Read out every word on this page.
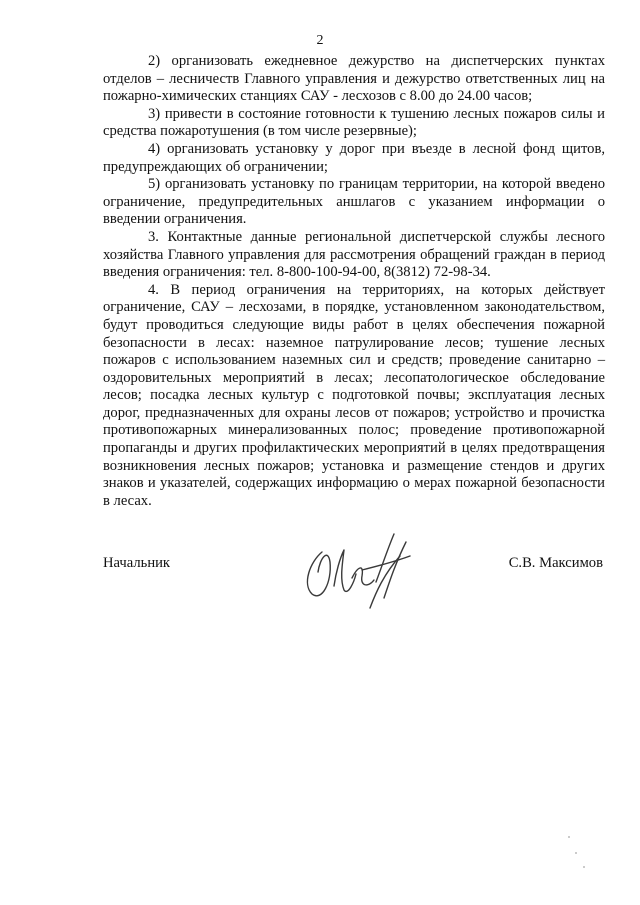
2

2) организовать ежедневное дежурство на диспетчерских пунктах отделов – лесничеств Главного управления и дежурство ответственных лиц на пожарно-химических станциях САУ - лесхозов с 8.00 до 24.00 часов;

3) привести в состояние готовности к тушению лесных пожаров силы и средства пожаротушения (в том числе резервные);

4) организовать установку у дорог при въезде в лесной фонд щитов, предупреждающих об ограничении;

5) организовать установку по границам территории, на которой введено ограничение, предупредительных аншлагов с указанием информации о введении ограничения.

3. Контактные данные региональной диспетчерской службы лесного хозяйства Главного управления для рассмотрения обращений граждан в период введения ограничения: тел. 8-800-100-94-00, 8(3812) 72-98-34.

4. В период ограничения на территориях, на которых действует ограничение, САУ – лесхозами, в порядке, установленном законодательством, будут проводиться следующие виды работ в целях обеспечения пожарной безопасности в лесах: наземное патрулирование лесов; тушение лесных пожаров с использованием наземных сил и средств; проведение санитарно – оздоровительных мероприятий в лесах; лесопатологическое обследование лесов; посадка лесных культур с подготовкой почвы; эксплуатация лесных дорог, предназначенных для охраны лесов от пожаров; устройство и прочистка противопожарных минерализованных полос; проведение противопожарной пропаганды и других профилактических мероприятий в целях предотвращения возникновения лесных пожаров; установка и размещение стендов и других знаков и указателей, содержащих информацию о мерах пожарной безопасности в лесах.

Начальник	С.В. Максимов
